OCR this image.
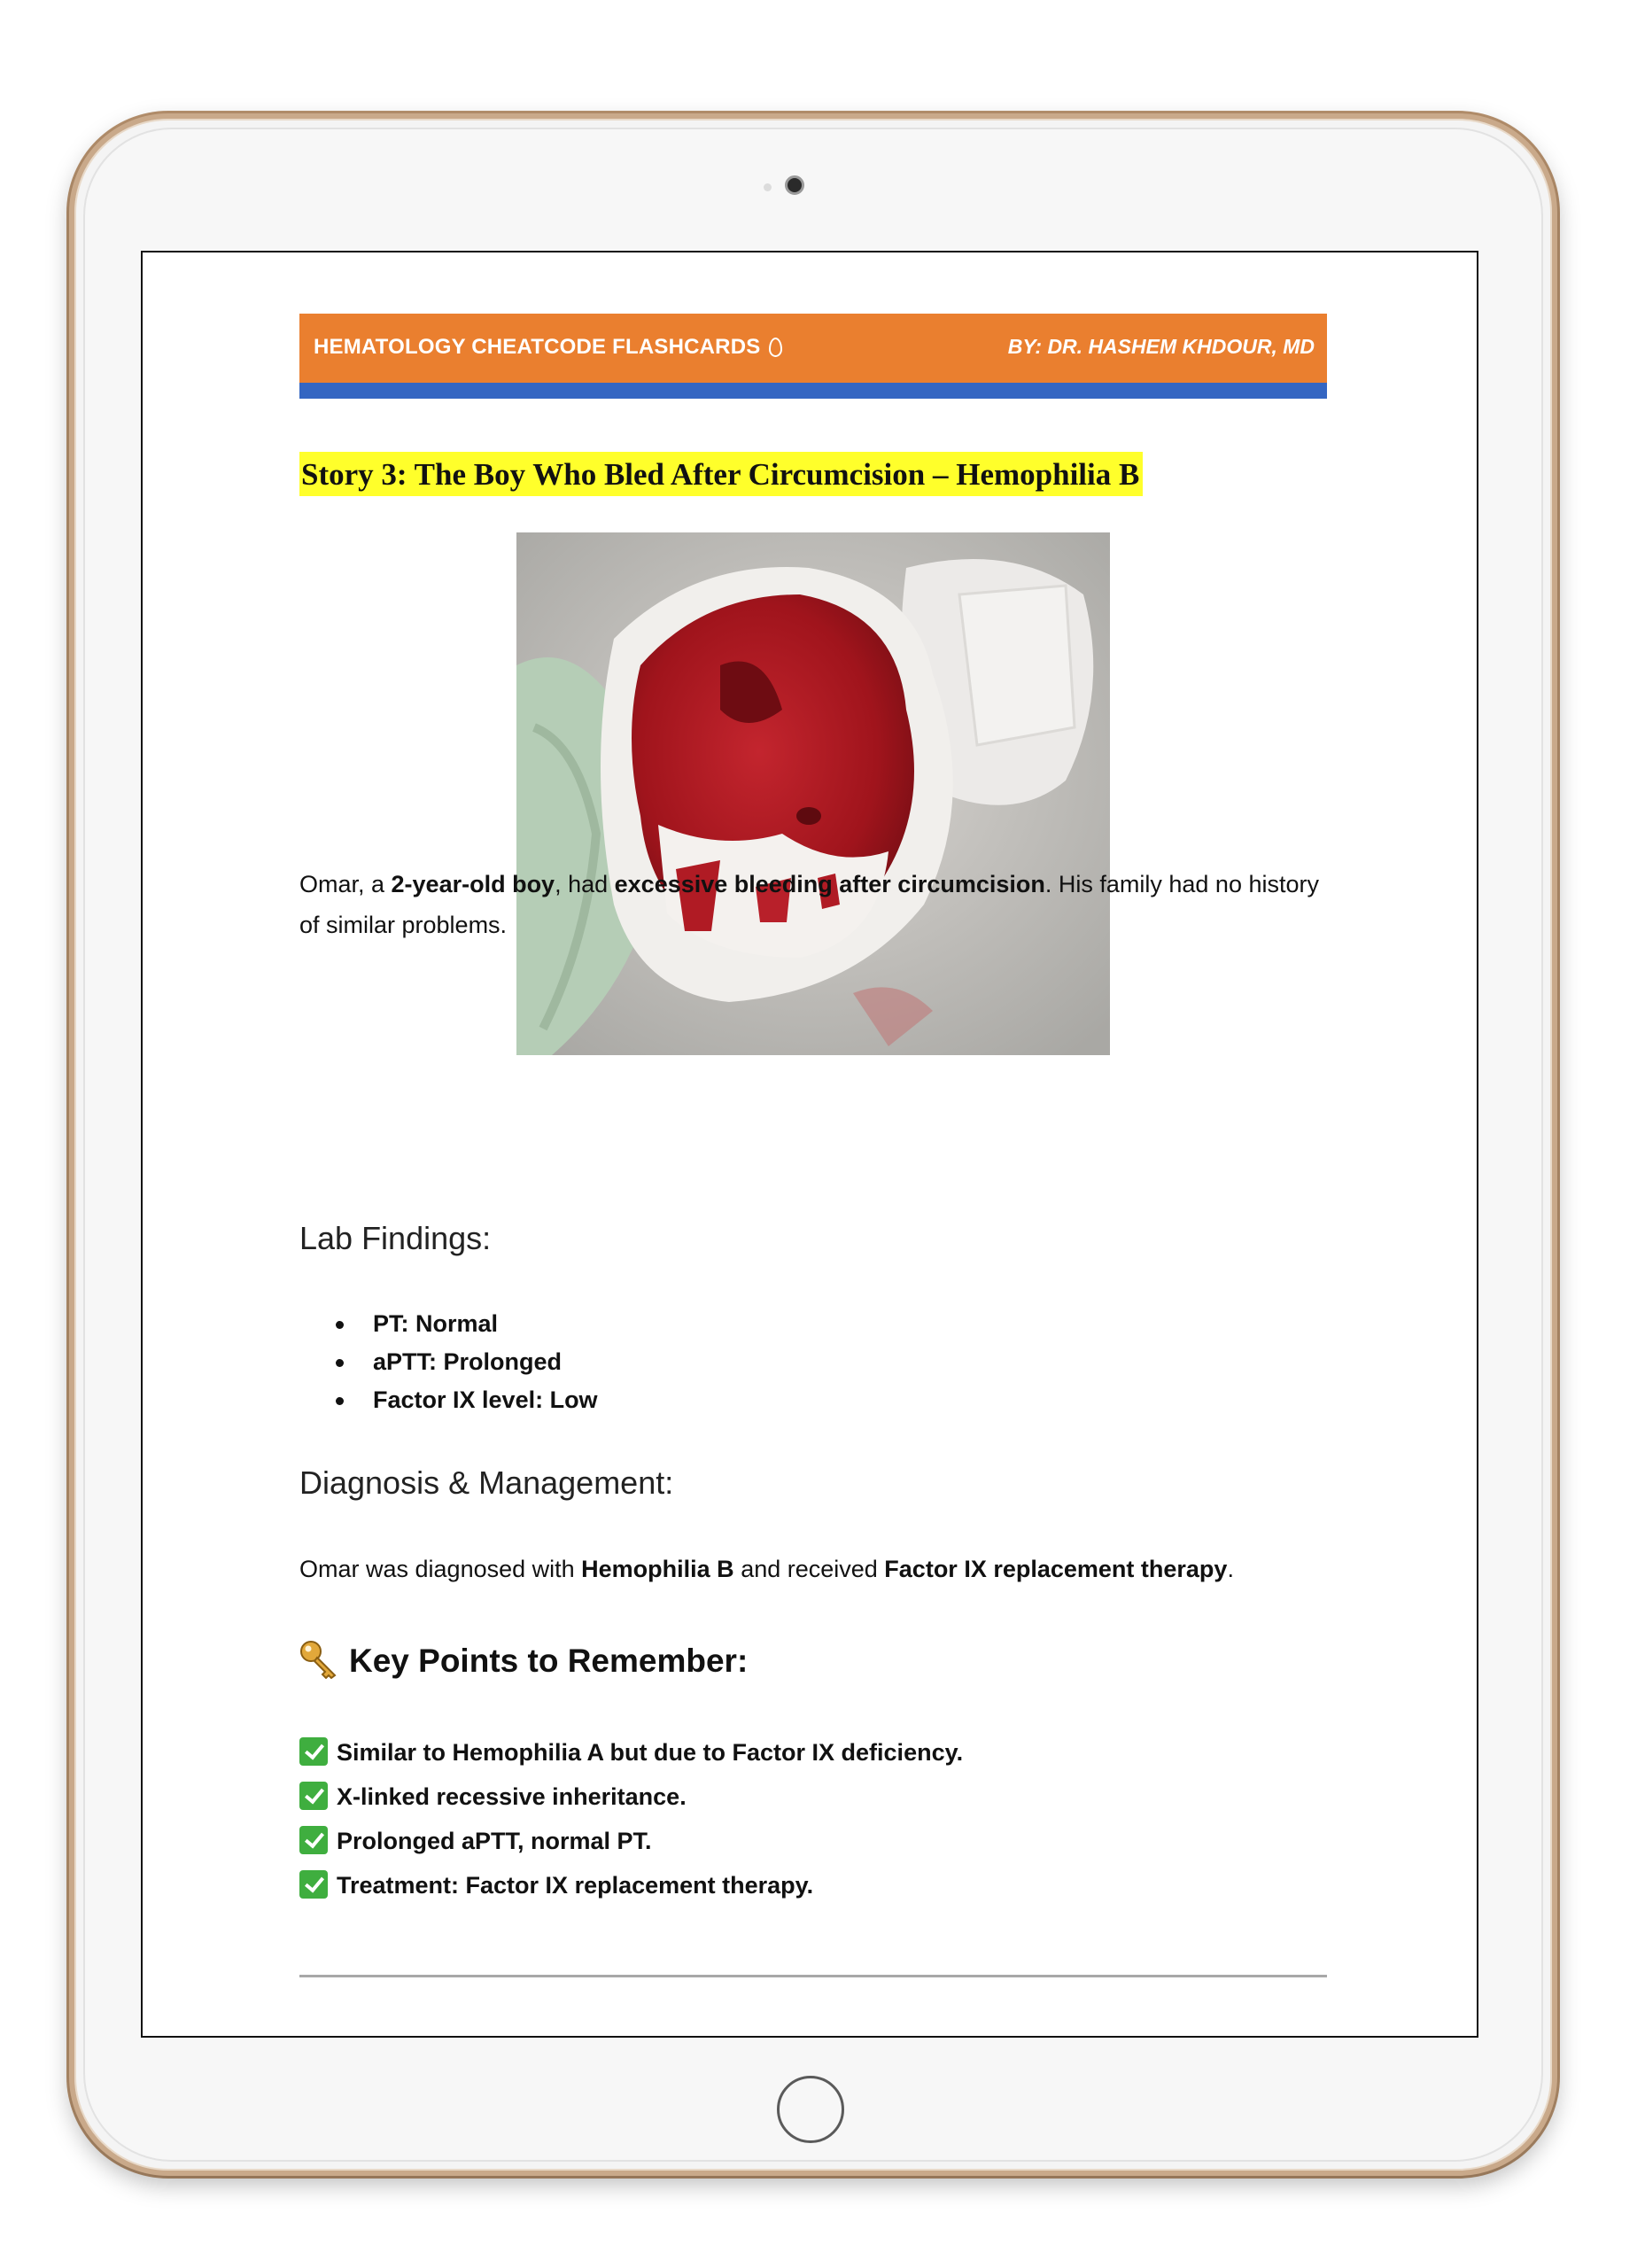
HEMATOLOGY CHEATCODE FLASHCARDS	BY: DR. HASHEM KHDOUR, MD
Story 3: The Boy Who Bled After Circumcision – Hemophilia B

Omar, a 2-year-old boy, had excessive bleeding after circumcision. His family had no history of similar problems.

Lab Findings:
PT: Normal
aPTT: Prolonged
Factor IX level: Low
Diagnosis & Management:

Omar was diagnosed with Hemophilia B and received Factor IX replacement therapy.

Key Points to Remember:
Similar to Hemophilia A but due to Factor IX deficiency.
X-linked recessive inheritance.
Prolonged aPTT, normal PT.
Treatment: Factor IX replacement therapy.
